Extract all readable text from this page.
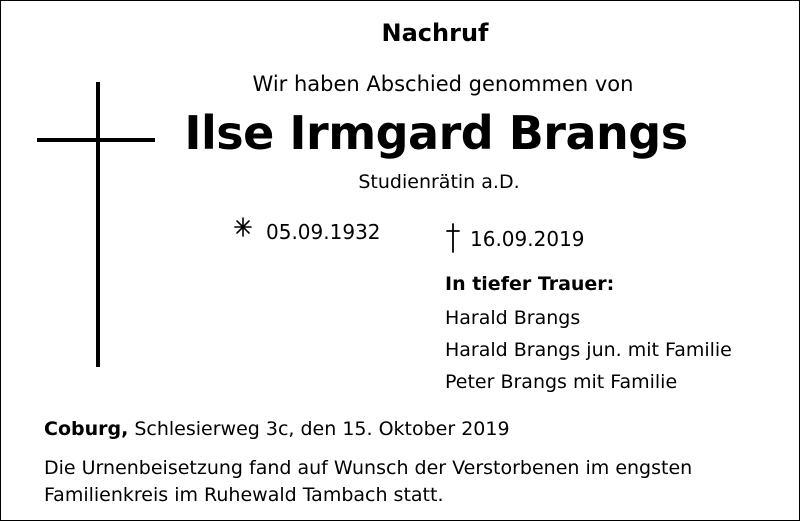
Nachruf
Wir haben Abschied genommen von
Ilse Irmgard Brangs
Studienrätin a.D.
05.09.1932	16.09.2019
In tiefer Trauer:
Harald Brangs
Harald Brangs jun. mit Familie
Peter Brangs mit Familie
Coburg, Schlesierweg 3c, den 15. Oktober 2019
Die Urnenbeisetzung fand auf Wunsch der Verstorbenen im engsten
Familienkreis im Ruhewald Tambach statt.
